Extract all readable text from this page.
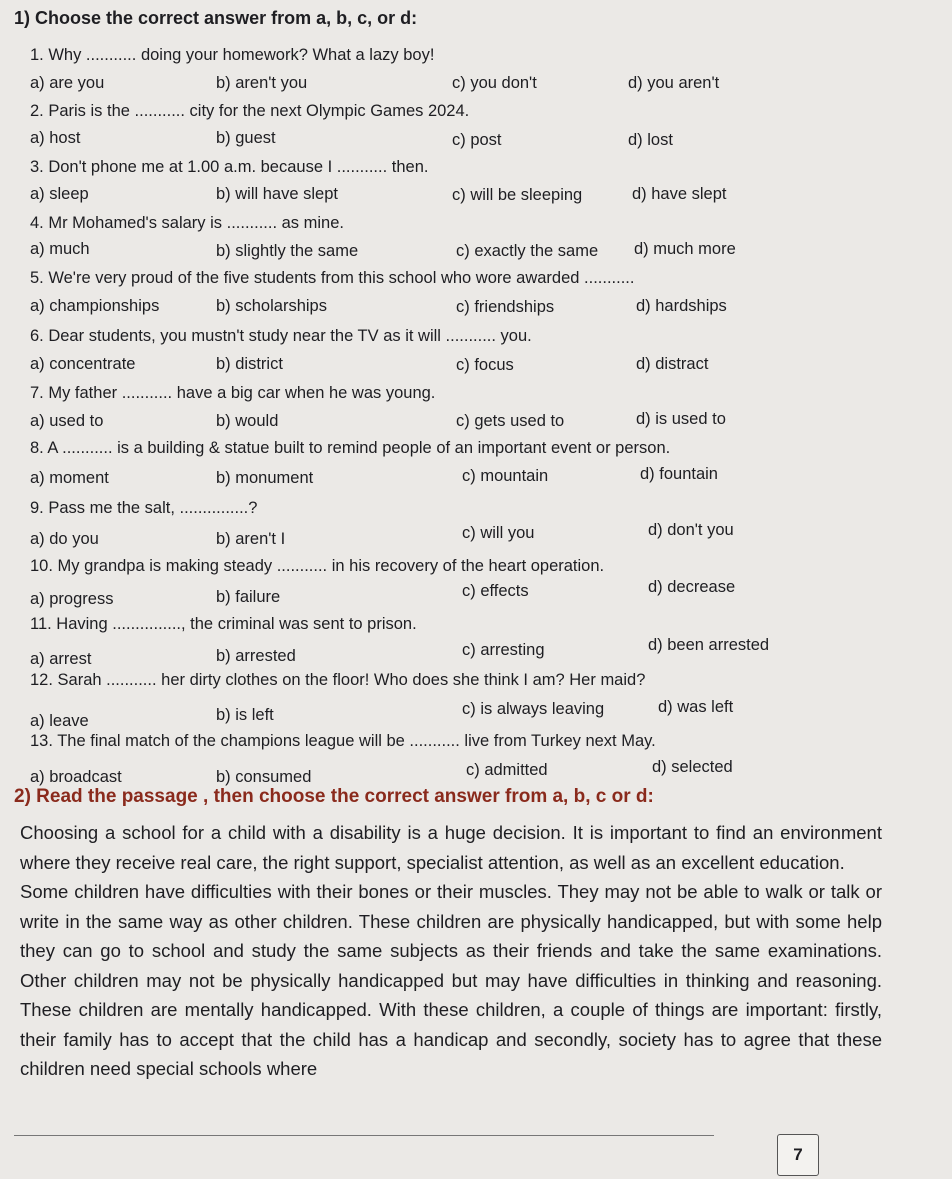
1) Choose the correct answer from a, b, c, or d:
1. Why ........... doing your homework? What a lazy boy!
a) are you	b) aren't you	c) you don't	d) you aren't
2. Paris is the ........... city for the next Olympic Games 2024.
a) host	b) guest	c) post	d) lost
3. Don't phone me at 1.00 a.m. because I ........... then.
a) sleep	b) will have slept	c) will be sleeping	d) have slept
4. Mr Mohamed's salary is ........... as mine.
a) much	b) slightly the same	c) exactly the same d) much more
5. We're very proud of the five students from this school who wore awarded ...........
a) championships	b) scholarships	c) friendships	d) hardships
6. Dear students, you mustn't study near the TV as it will ........... you.
a) concentrate	b) district	c) focus	d) distract
7. My father ........... have a big car when he was young.
a) used to	b) would	c) gets used to	d) is used to
8. A ........... is a building & statue built to remind people of an important event or person.
a) moment	b) monument	c) mountain	d) fountain
9. Pass me the salt, ...............?
a) do you	b) aren't I	c) will you	d) don't you
10. My grandpa is making steady ........... in his recovery of the heart operation.
a) progress	b) failure	c) effects	d) decrease
11. Having ..............., the criminal was sent to prison.
a) arrest	b) arrested	c) arresting	d) been arrested
12. Sarah ........... her dirty clothes on the floor! Who does she think I am? Her maid?
a) leave	b) is left	c) is always leaving	d) was left
13. The final match of the champions league will be ........... live from Turkey next May.
a) broadcast	b) consumed	c) admitted	d) selected
2) Read the passage , then choose the correct answer from a, b, c or d:

Choosing a school for a child with a disability is a huge decision. It is important to find an environment where they receive real care, the right support, specialist attention, as well as an excellent education.

Some children have difficulties with their bones or their muscles. They may not be able to walk or talk or write in the same way as other children. These children are physically handicapped, but with some help they can go to school and study the same subjects as their friends and take the same examinations. Other children may not be physically handicapped but may have difficulties in thinking and reasoning. These children are mentally handicapped. With these children, a couple of things are important: firstly, their family has to accept that the child has a handicap and secondly, society has to agree that these children need special schools where

7
